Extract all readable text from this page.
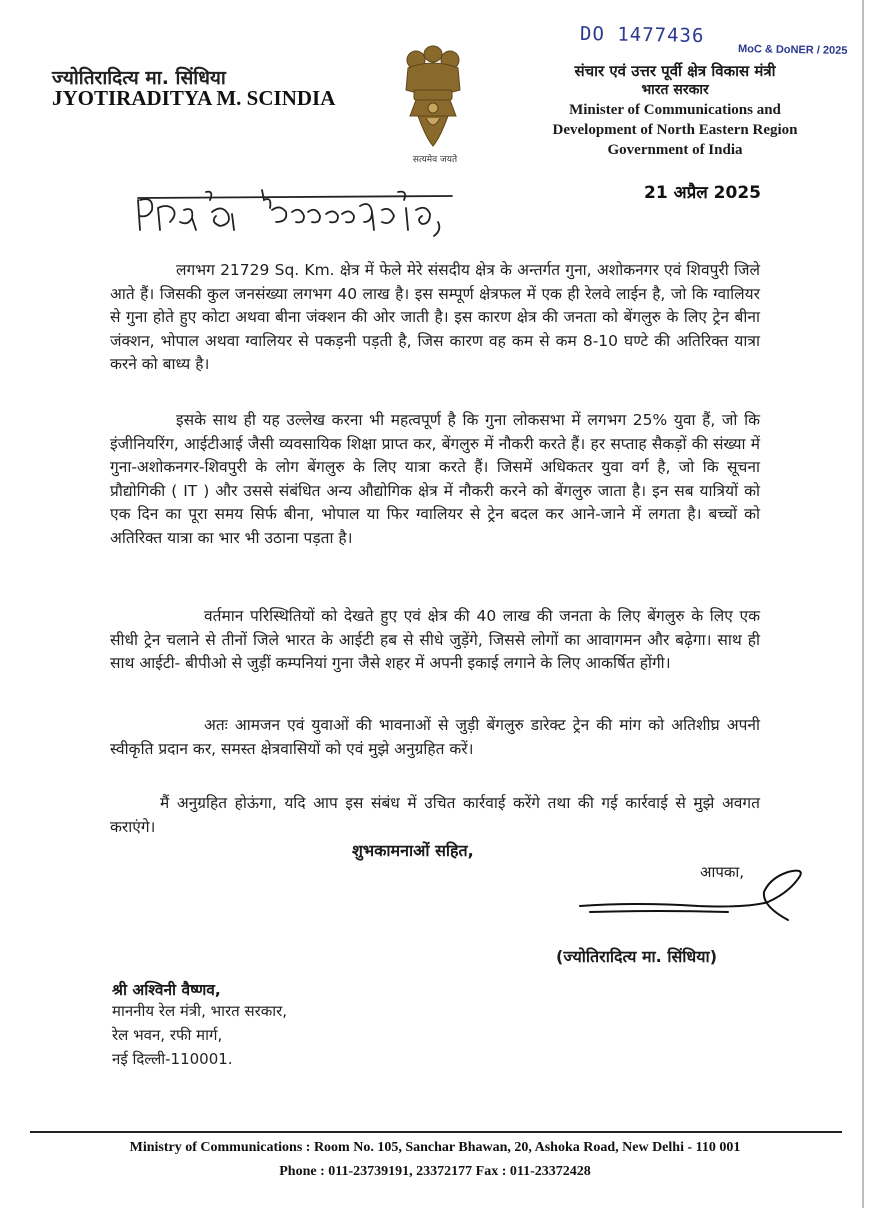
DO 1477436
MoC & DoNER / 2025
ज्योतिरादित्य मा. सिंधिया
JYOTIRADITYA M. SCINDIA
सत्यमेव जयते
संचार एवं उत्तर पूर्वी क्षेत्र विकास मंत्री
भारत सरकार
Minister of Communications and
Development of North Eastern Region
Government of India
21 अप्रैल 2025
लगभग 21729 Sq. Km. क्षेत्र में फेले मेरे संसदीय क्षेत्र के अन्तर्गत गुना, अशोकनगर एवं शिवपुरी जिले आते हैं। जिसकी कुल जनसंख्या लगभग 40 लाख है। इस सम्पूर्ण क्षेत्रफल में एक ही रेलवे लाईन है, जो कि ग्वालियर से गुना होते हुए कोटा अथवा बीना जंक्शन की ओर जाती है। इस कारण क्षेत्र की जनता को बेंगलुरु के लिए ट्रेन बीना जंक्शन, भोपाल अथवा ग्वालियर से पकड़नी पड़ती है, जिस कारण वह कम से कम 8-10 घण्टे की अतिरिक्त यात्रा करने को बाध्य है।
इसके साथ ही यह उल्लेख करना भी महत्वपूर्ण है कि गुना लोकसभा में लगभग 25% युवा हैं, जो कि इंजीनियरिंग, आईटीआई जैसी व्यवसायिक शिक्षा प्राप्त कर, बेंगलुरु में नौकरी करते हैं। हर सप्ताह सैकड़ों की संख्या में गुना-अशोकनगर-शिवपुरी के लोग बेंगलुरु के लिए यात्रा करते हैं। जिसमें अधिकतर युवा वर्ग है, जो कि सूचना प्रौद्योगिकी ( IT ) और उससे संबंधित अन्य औद्योगिक क्षेत्र में नौकरी करने को बेंगलुरु जाता है। इन सब यात्रियों को एक दिन का पूरा समय सिर्फ बीना, भोपाल या फिर ग्वालियर से ट्रेन बदल कर आने-जाने में लगता है। बच्चों को अतिरिक्त यात्रा का भार भी उठाना पड़ता है।
वर्तमान परिस्थितियों को देखते हुए एवं क्षेत्र की 40 लाख की जनता के लिए बेंगलुरु के लिए एक सीधी ट्रेन चलाने से तीनों जिले भारत के आईटी हब से सीधे जुड़ेंगे, जिससे लोगों का आवागमन और बढ़ेगा। साथ ही साथ आईटी- बीपीओ से जुड़ीं कम्पनियां गुना जैसे शहर में अपनी इकाई लगाने के लिए आकर्षित होंगी।
अतः आमजन एवं युवाओं की भावनाओं से जुड़ी बेंगलुरु डारेक्ट ट्रेन की मांग को अतिशीघ्र अपनी स्वीकृति प्रदान कर, समस्त क्षेत्रवासियों को एवं मुझे अनुग्रहित करें।
मैं अनुग्रहित होऊंगा, यदि आप इस संबंध में उचित कार्रवाई करेंगे तथा की गई कार्रवाई से मुझे अवगत कराएंगे।
शुभकामनाओं सहित,
आपका,
(ज्योतिरादित्य मा. सिंधिया)
श्री अश्विनी वैष्णव,
माननीय रेल मंत्री, भारत सरकार,
रेल भवन, रफी मार्ग,
नई दिल्ली-110001.
Ministry of Communications : Room No. 105, Sanchar Bhawan, 20, Ashoka Road, New Delhi - 110 001
Phone : 011-23739191, 23372177 Fax : 011-23372428
